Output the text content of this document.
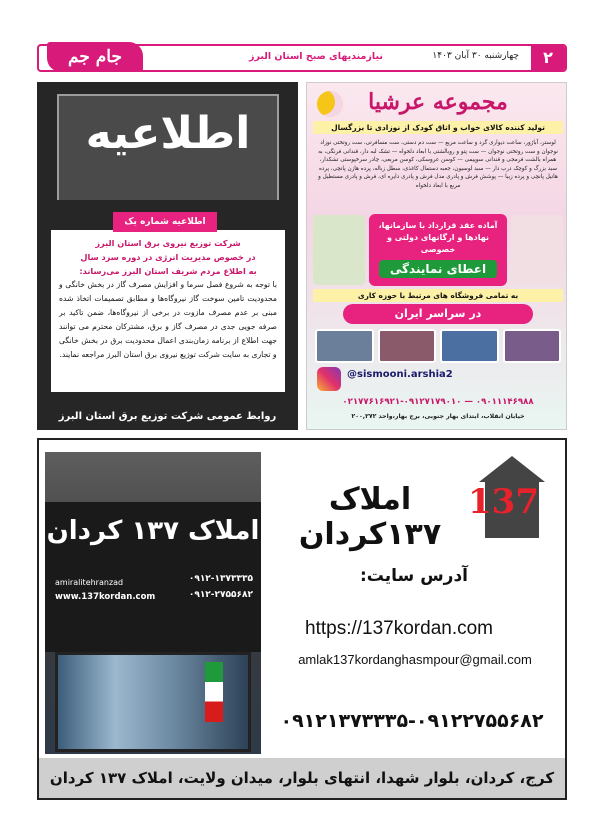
۲
چهارشنبه ۳۰ آبان ۱۴۰۳
نیازمندیهای صبح استان البرز
جام جم
اطلاعیه
شرکت توزیع نیروی برق استان البرز
در خصوص مدیریت انرژی در دوره سرد سال
به اطلاع مردم شریف استان البرز می‌رساند:
با توجه به شروع فصل سرما و افزایش مصرف گاز در بخش خانگی و محدودیت تامین سوخت گاز نیروگاه‌ها و مطابق تصمیمات اتخاذ شده مبنی بر عدم مصرف مازوت در برخی از نیروگاه‌ها، ضمن تاکید بر صرفه جویی جدی در مصرف گاز و برق، مشترکان محترم می توانند جهت اطلاع از برنامه زمان‌بندی اعمال محدودیت برق در بخش خانگی و تجاری به سایت شرکت توزیع نیروی برق استان البرز مراجعه نمایند.
اطلاعیه شماره یک
روابط عمومی شرکت توزیع برق استان البرز
مجموعه عرشیا
تولید کننده کالای خواب و اتاق کودک از نوزادی تا بزرگسال
لوستر، آباژور، ساعت دیواری گرد و ساعت مربع — ست دم دستی، ست مسافرتی، ست روتختی نوزاد نوجوان و ست روتختی نوجوان — ست پتو و روبالشتی با ابعاد دلخواه — تشک لبه دار، قندانی فرنگی، به همراه بالشت فرمجی و قندانی سوپیمی — کوسن عروسکی، کوسن مربعی، چادر سرخپوستی تشکدار، سبد بزرگ و کوچک درب دار — سبد لوسیون، جعبه دستمال کاغذی، سطل زباله، پرده هازن پانچی، پرده هانیل پانچی و پرده زیبا — پوشش فرش و پادری مدل فرش و پادری دایره ای، فرش و پادری مستطیل و مربع با ابعاد دلخواه
آماده عقد قرارداد با سازمانها، نهادها و ارگانهای دولتی و خصوصی
اعطای نمایندگی
به تمامی فروشگاه های مرتبط با حوزه کاری
در سراسر ایران
@sismooni.arshia2
۰۹۰۱۱۱۴۶۹۸۸ — ۰۲۱۷۷۶۱۶۹۲۱-۰۹۱۲۷۱۷۹۰۱۰
خیابان انقلاب، ابتدای بهار جنوبی، برج بهار،واحد ۲۰۰,۲۷۲
املاک ۱۳۷ کردان
۰۹۱۲-۱۳۷۳۳۳۵
۰۹۱۲-۲۷۵۵۶۸۲
amiralitehranzad
www.137kordan.com
137
املاک ۱۳۷کردان
آدرس سایت:
https://137kordan.com
amlak137kordanghasmpour@gmail.com
۰۹۱۲۱۳۷۳۳۳۵-۰۹۱۲۲۷۵۵۶۸۲
کرج، کردان، بلوار شهدا، انتهای بلوار، میدان ولایت، املاک ۱۳۷ کردان
